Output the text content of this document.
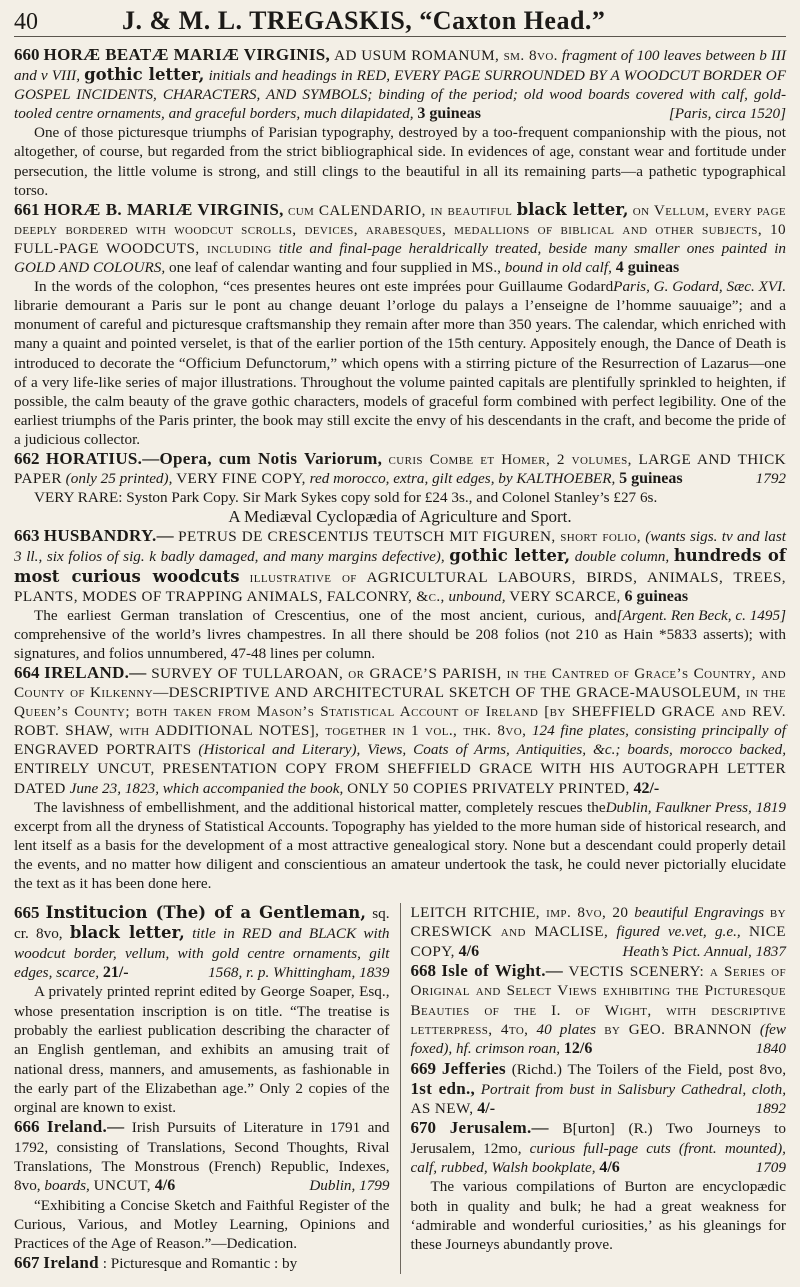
40	J. & M. L. TREGASKIS, “Caxton Head.”

660 HORÆ BEATÆ MARIÆ VIRGINIS, AD USUM ROMANUM, sm. 8vo. fragment of 100 leaves between b III and v VIII, gothic letter, initials and headings in RED, EVERY PAGE SURROUNDED BY A WOODCUT BORDER OF GOSPEL INCIDENTS, CHARACTERS, AND SYMBOLS; binding of the period; old wood boards covered with calf, gold-tooled centre ornaments, and graceful borders, much dilapidated, 3 guineas	[Paris, circa 1520]

One of those picturesque triumphs of Parisian typography, destroyed by a too-frequent companionship with the pious, not altogether, of course, but regarded from the strict bibliographical side. In evidences of age, constant wear and fortitude under persecution, the little volume is strong, and still clings to the beautiful in all its remaining parts—a pathetic typographical torso.

661 HORÆ B. MARIÆ VIRGINIS, cum CALENDARIO, in beautiful black letter, on Vellum, every page deeply bordered with woodcut scrolls, devices, arabesques, medallions of biblical and other subjects, 10 FULL-PAGE WOODCUTS, including title and final-page heraldrically treated, beside many smaller ones painted in GOLD AND COLOURS, one leaf of calendar wanting and four supplied in MS., bound in old calf, 4 guineas
Paris, G. Godard, Sæc. XVI.

In the words of the colophon, “ces presentes heures ont este imprées pour Guillaume Godard librarie demourant a Paris sur le pont au change deuant l’orloge du palays a l’enseigne de l’homme sauuaige”; and a monument of careful and picturesque craftsmanship they remain after more than 350 years. The calendar, which enriched with many a quaint and pointed verselet, is that of the earlier portion of the 15th century. Appositely enough, the Dance of Death is introduced to decorate the “Officium Defunctorum,” which opens with a stirring picture of the Resurrection of Lazarus—one of a very life-like series of major illustrations. Throughout the volume painted capitals are plentifully sprinkled to heighten, if possible, the calm beauty of the grave gothic characters, models of graceful form combined with perfect legibility. One of the earliest triumphs of the Paris printer, the book may still excite the envy of his descendants in the craft, and become the pride of a judicious collector.

662 HORATIUS.—Opera, cum Notis Variorum, curis Combe et Homer, 2 volumes, LARGE AND THICK PAPER (only 25 printed), VERY FINE COPY, red morocco, extra, gilt edges, by KALTHOEBER, 5 guineas	1792

VERY RARE: Syston Park Copy. Sir Mark Sykes copy sold for £24 3s., and Colonel Stanley’s £27 6s.

A Mediæval Cyclopædia of Agriculture and Sport.

663 HUSBANDRY.— PETRUS DE CRESCENTIJS TEUTSCH MIT FIGUREN, short folio, (wants sigs. tv and last 3 ll., six folios of sig. k badly damaged, and many margins defective), gothic letter, double column, hundreds of most curious woodcuts illustrative of AGRICULTURAL LABOURS, BIRDS, ANIMALS, TREES, PLANTS, MODES OF TRAPPING ANIMALS, FALCONRY, &c., unbound, VERY SCARCE, 6 guineas
[Argent. Ren Beck, c. 1495]

The earliest German translation of Crescentius, one of the most ancient, curious, and comprehensive of the world’s livres champestres. In all there should be 208 folios (not 210 as Hain *5833 asserts); with signatures, and folios unnumbered, 47-48 lines per column.

664 IRELAND.— SURVEY OF TULLAROAN, or GRACE’S PARISH, in the Cantred of Grace’s Country, and County of Kilkenny—DESCRIPTIVE AND ARCHITECTURAL SKETCH OF THE GRACE-MAUSOLEUM, in the Queen’s County; both taken from Mason’s Statistical Account of Ireland [by SHEFFIELD GRACE and REV. ROBT. SHAW, with ADDITIONAL NOTES], together in 1 vol., thk. 8vo, 124 fine plates, consisting principally of ENGRAVED PORTRAITS (Historical and Literary), Views, Coats of Arms, Antiquities, &c.; boards, morocco backed, ENTIRELY UNCUT, PRESENTATION COPY FROM SHEFFIELD GRACE WITH HIS AUTOGRAPH LETTER DATED June 23, 1823, which accompanied the book, ONLY 50 COPIES PRIVATELY PRINTED, 42/-
Dublin, Faulkner Press, 1819

The lavishness of embellishment, and the additional historical matter, completely rescues the excerpt from all the dryness of Statistical Accounts. Topography has yielded to the more human side of historical research, and lent itself as a basis for the development of a most attractive genealogical story. None but a descendant could properly detail the events, and no matter how diligent and conscientious an amateur undertook the task, he could never pictorially elucidate the text as it has been done here.

665 Institucion (The) of a Gentleman, sq. cr. 8vo, black letter, title in RED and BLACK with woodcut border, vellum, with gold centre ornaments, gilt edges, scarce, 21/-	1568, r. p. Whittingham, 1839

A privately printed reprint edited by George Soaper, Esq., whose presentation inscription is on title. “The treatise is probably the earliest publication describing the character of an English gentleman, and exhibits an amusing trait of national dress, manners, and amusements, as fashionable in the early part of the Elizabethan age.” Only 2 copies of the orginal are known to exist.

666 Ireland.— Irish Pursuits of Literature in 1791 and 1792, consisting of Translations, Second Thoughts, Rival Translations, The Monstrous (French) Republic, Indexes, 8vo, boards, UNCUT, 4/6	Dublin, 1799

“Exhibiting a Concise Sketch and Faithful Register of the Curious, Various, and Motley Learning, Opinions and Practices of the Age of Reason.”—Dedication.

667 Ireland : Picturesque and Romantic : by

LEITCH RITCHIE, imp. 8vo, 20 beautiful Engravings by CRESWICK and MACLISE, figured ve.vet, g.e., NICE COPY, 4/6	Heath’s Pict. Annual, 1837

668 Isle of Wight.— VECTIS SCENERY: a Series of Original and Select Views exhibiting the Picturesque Beauties of the I. of Wight, with descriptive letterpress, 4to, 40 plates by GEO. BRANNON (few foxed), hf. crimson roan, 12/6	1840

669 Jefferies (Richd.) The Toilers of the Field, post 8vo, 1st edn., Portrait from bust in Salisbury Cathedral, cloth, AS NEW, 4/-	1892

670 Jerusalem.— B[urton] (R.) Two Journeys to Jerusalem, 12mo, curious full-page cuts (front. mounted), calf, rubbed, Walsh bookplate, 4/6	1709

The various compilations of Burton are encyclopædic both in quality and bulk; he had a great weakness for ‘admirable and wonderful curiosities,’ as his gleanings for these Journeys abundantly prove.
